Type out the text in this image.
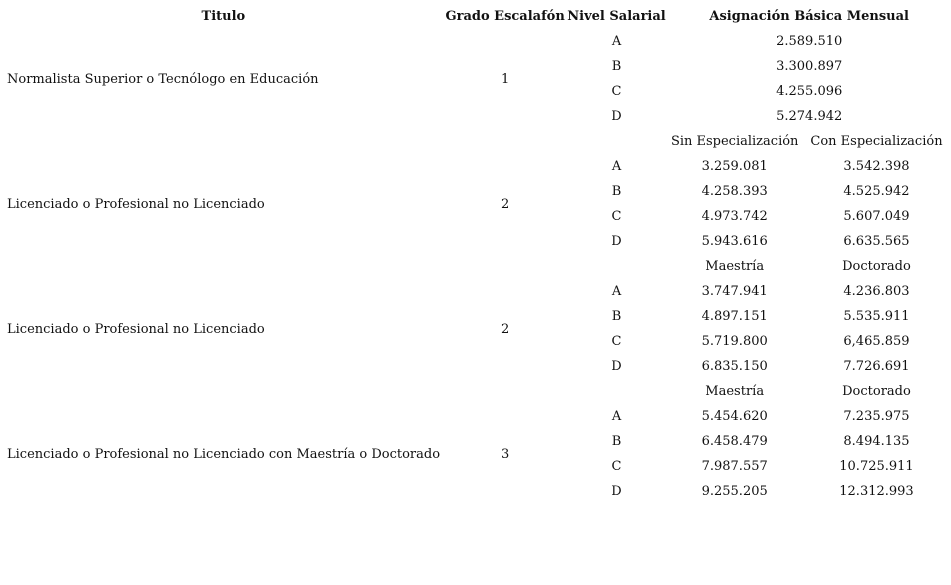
Titulo	Grado Escalafón	Nivel Salarial	Asignación Básica Mensual	
Normalista Superior o Tecnólogo en Educación	1	A	2.589.510	
		B	3.300.897	
		C	4.255.096	
		D	5.274.942	
			Sin Especialización	Con Especialización
Licenciado o Profesional no Licenciado	2	A	3.259.081	3.542.398
		B	4.258.393	4.525.942
		C	4.973.742	5.607.049
		D	5.943.616	6.635.565
			Maestría	Doctorado
Licenciado o Profesional no Licenciado	2	A	3.747.941	4.236.803
		B	4.897.151	5.535.911
		C	5.719.800	6,465.859
		D	6.835.150	7.726.691
			Maestría	Doctorado
Licenciado o Profesional no Licenciado con Maestría o Doctorado	3	A	5.454.620	7.235.975
		B	6.458.479	8.494.135
		C	7.987.557	10.725.911
		D	9.255.205	12.312.993
